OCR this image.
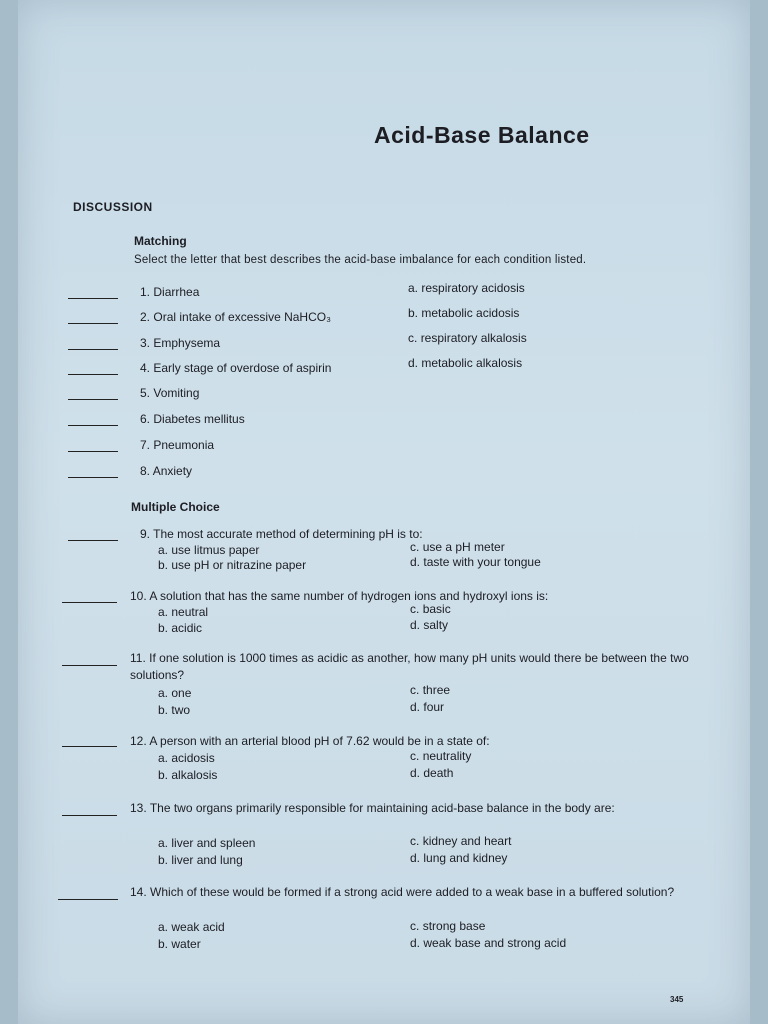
Acid-Base Balance
DISCUSSION
Matching
Select the letter that best describes the acid-base imbalance for each condition listed.
1. Diarrhea	a. respiratory acidosis
2. Oral intake of excessive NaHCO₃	b. metabolic acidosis
3. Emphysema	c. respiratory alkalosis
4. Early stage of overdose of aspirin	d. metabolic alkalosis
5. Vomiting
6. Diabetes mellitus
7. Pneumonia
8. Anxiety
Multiple Choice
9. The most accurate method of determining pH is to:
a. use litmus paper
b. use pH or nitrazine paper
c. use a pH meter
d. taste with your tongue
10. A solution that has the same number of hydrogen ions and hydroxyl ions is:
a. neutral
b. acidic
c. basic
d. salty
11. If one solution is 1000 times as acidic as another, how many pH units would there be between the two solutions?
a. one
b. two
c. three
d. four
12. A person with an arterial blood pH of 7.62 would be in a state of:
a. acidosis
b. alkalosis
c. neutrality
d. death
13. The two organs primarily responsible for maintaining acid-base balance in the body are:
a. liver and spleen
b. liver and lung
c. kidney and heart
d. lung and kidney
14. Which of these would be formed if a strong acid were added to a weak base in a buffered solution?
a. weak acid
b. water
c. strong base
d. weak base and strong acid
345
